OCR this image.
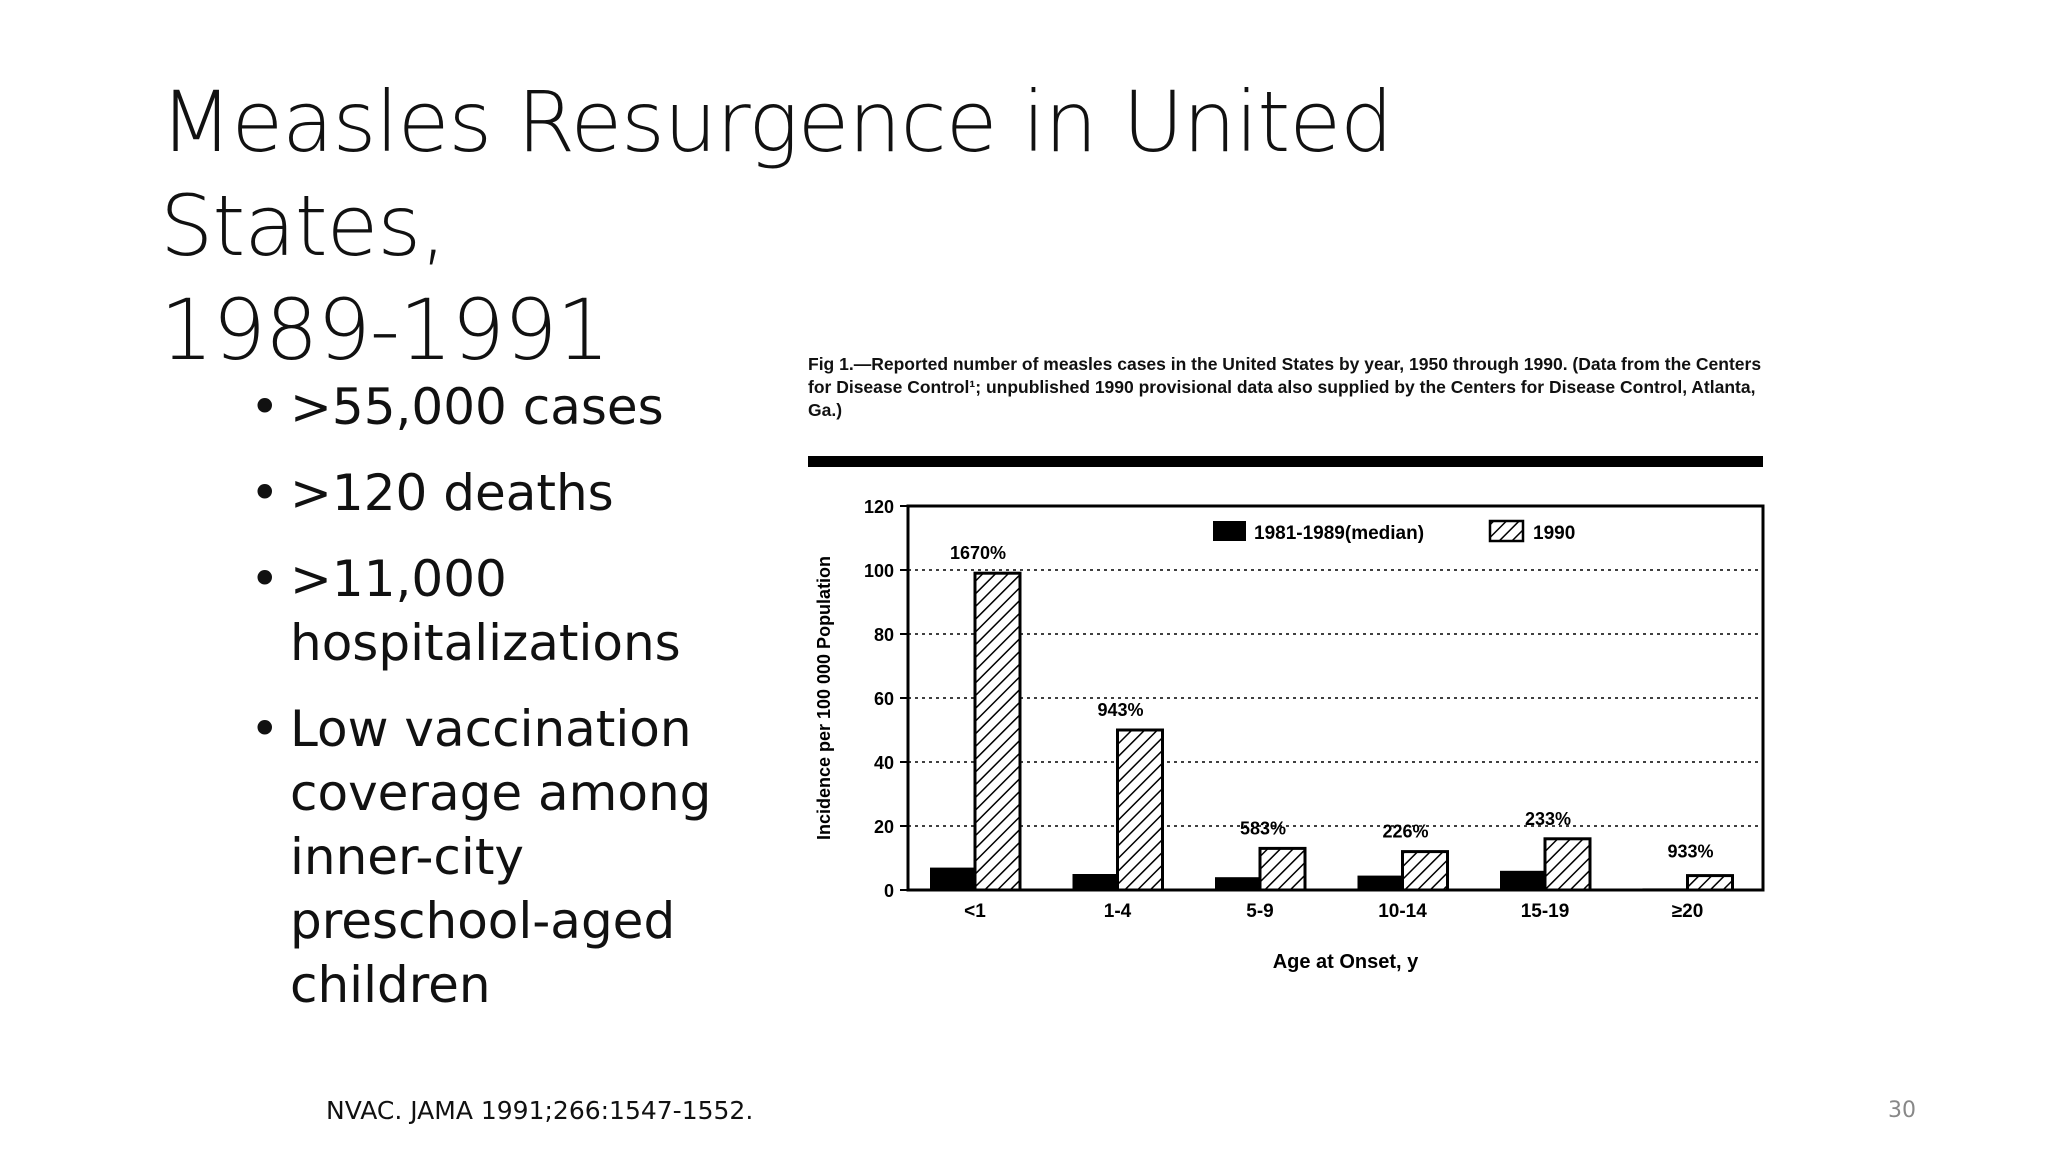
Measles Resurgence in United States,
1989-1991
• >55,000 cases
• >120 deaths
• >11,000 hospitalizations
• Low vaccination coverage among inner-city preschool-aged children
Fig 1.—Reported number of measles cases in the United States by year, 1950 through 1990. (Data from the Centers for Disease Control¹; unpublished 1990 provisional data also supplied by the Centers for Disease Control, Atlanta, Ga.)
0
20
40
60
80
100
120
<1
1670%
1-4
943%
5-9
583%
10-14
226%
15-19
233%
≥20
933%
Incidence per 100 000 Population
Age at Onset, y
1981-1989(median)	1990
NVAC. JAMA 1991;266:1547-1552.	30
